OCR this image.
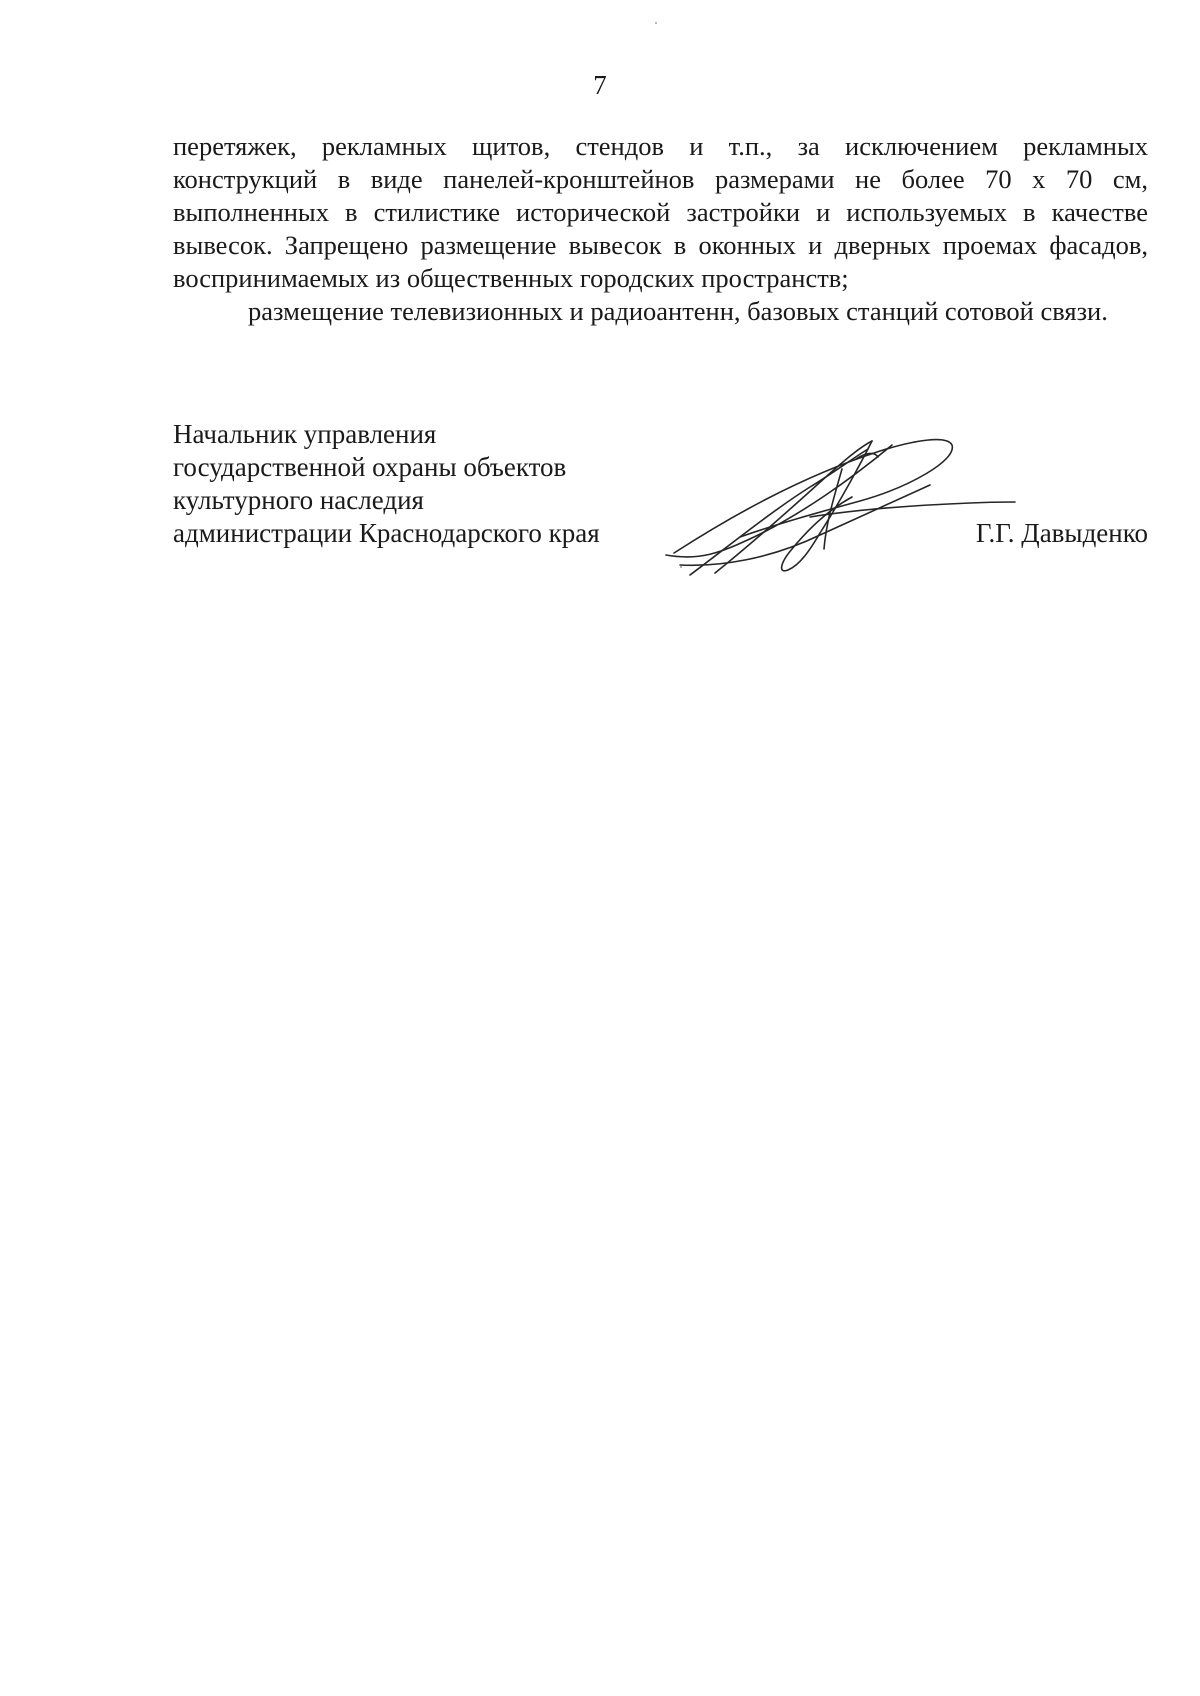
7

перетяжек, рекламных щитов, стендов и т.п., за исключением рекламных конструкций в виде панелей-кронштейнов размерами не более 70 х 70 см, выполненных в стилистике исторической застройки и используемых в качестве вывесок. Запрещено размещение вывесок в оконных и дверных проемах фасадов, воспринимаемых из общественных городских пространств;

размещение телевизионных и радиоантенн, базовых станций сотовой связи.

Начальник управления
государственной охраны объектов
культурного наследия
администрации Краснодарского края	Г.Г. Давыденко
